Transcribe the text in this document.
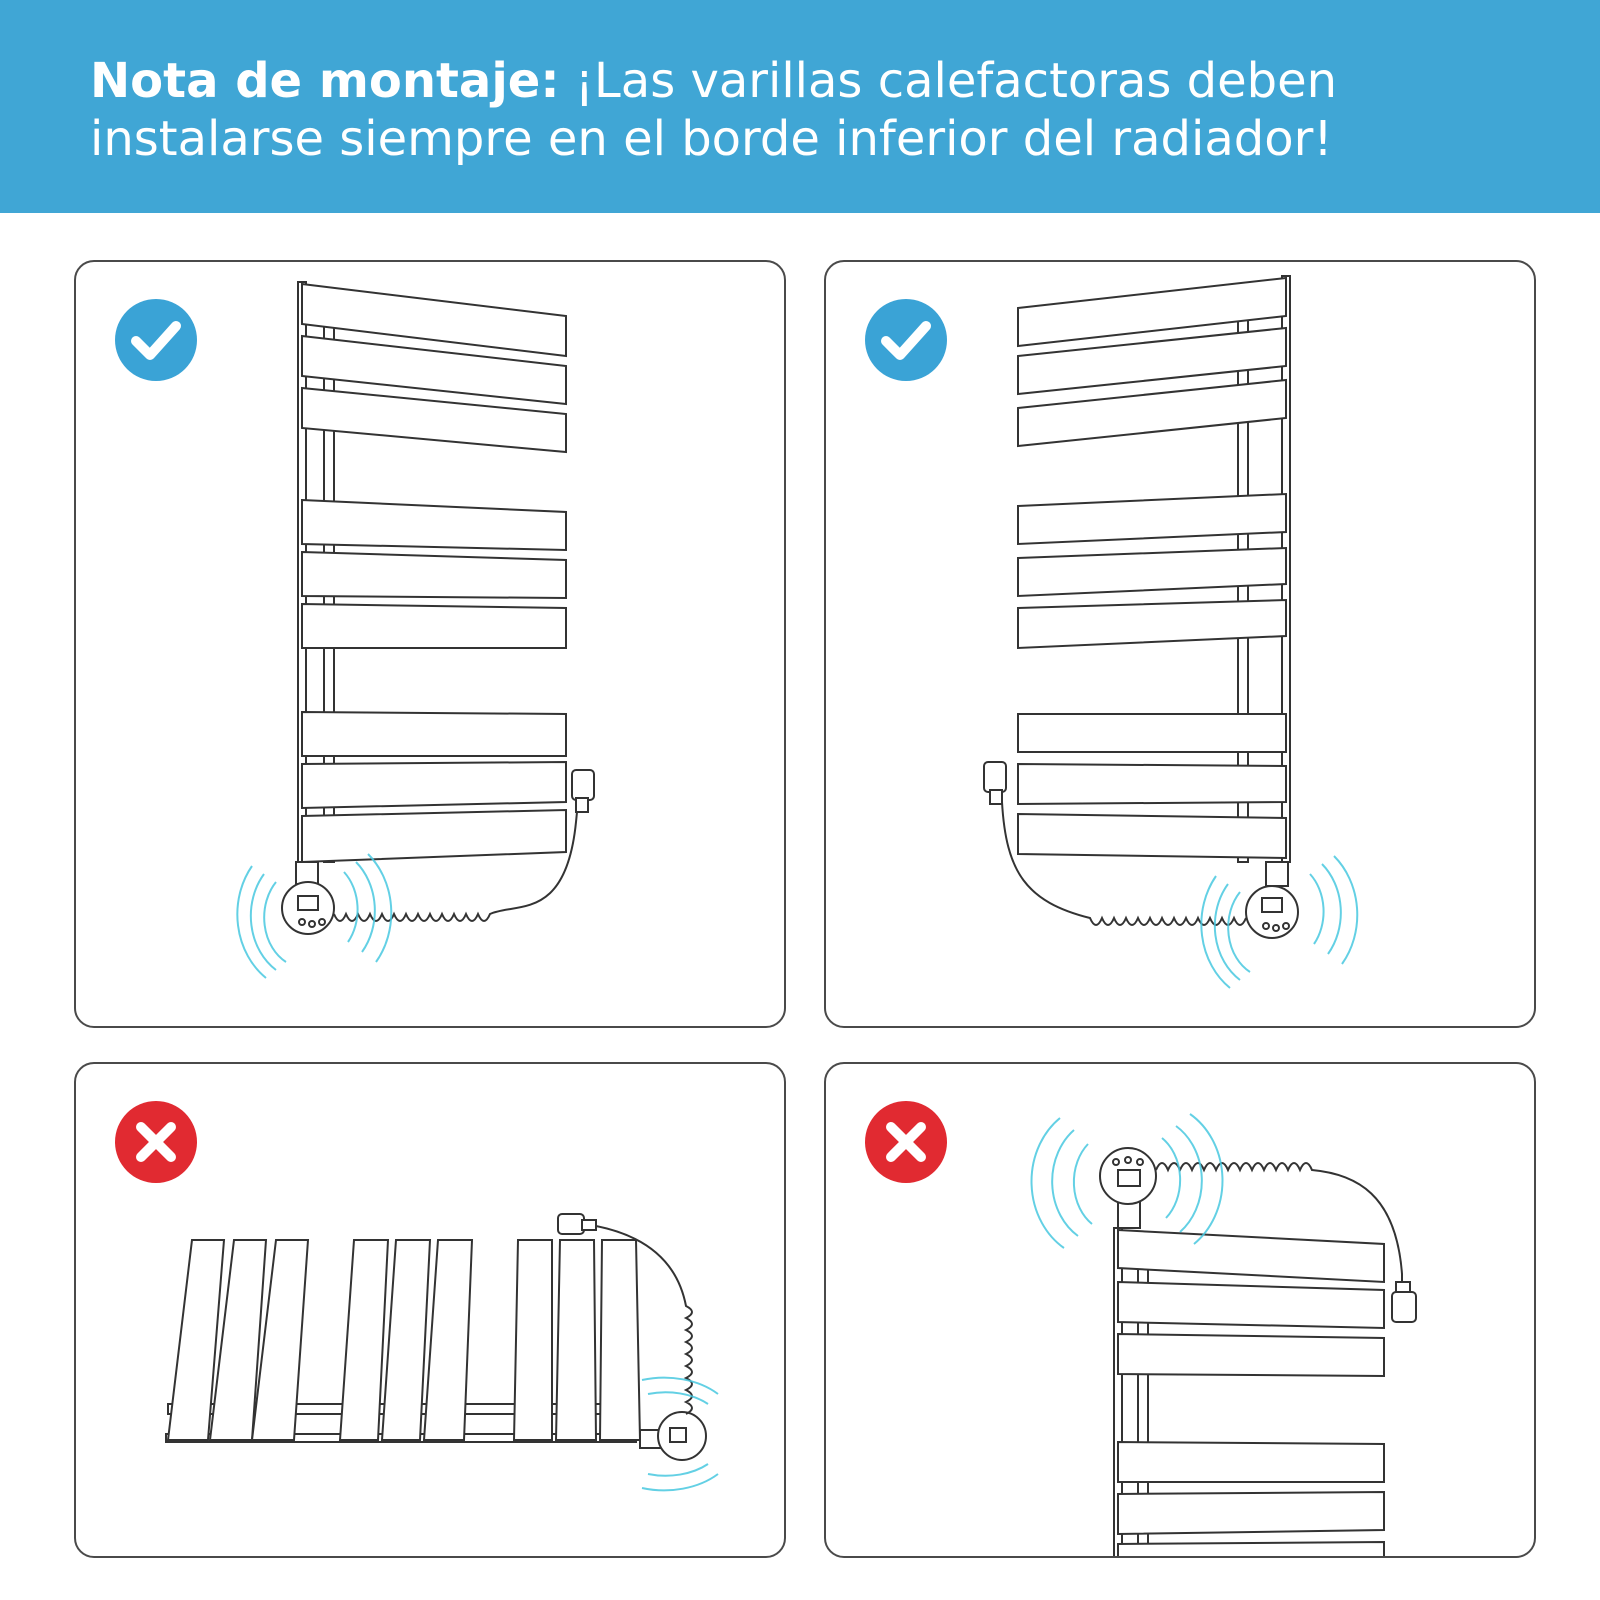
Nota de montaje: ¡Las varillas calefactoras deben instalarse siempre en el borde inferior del radiador!
